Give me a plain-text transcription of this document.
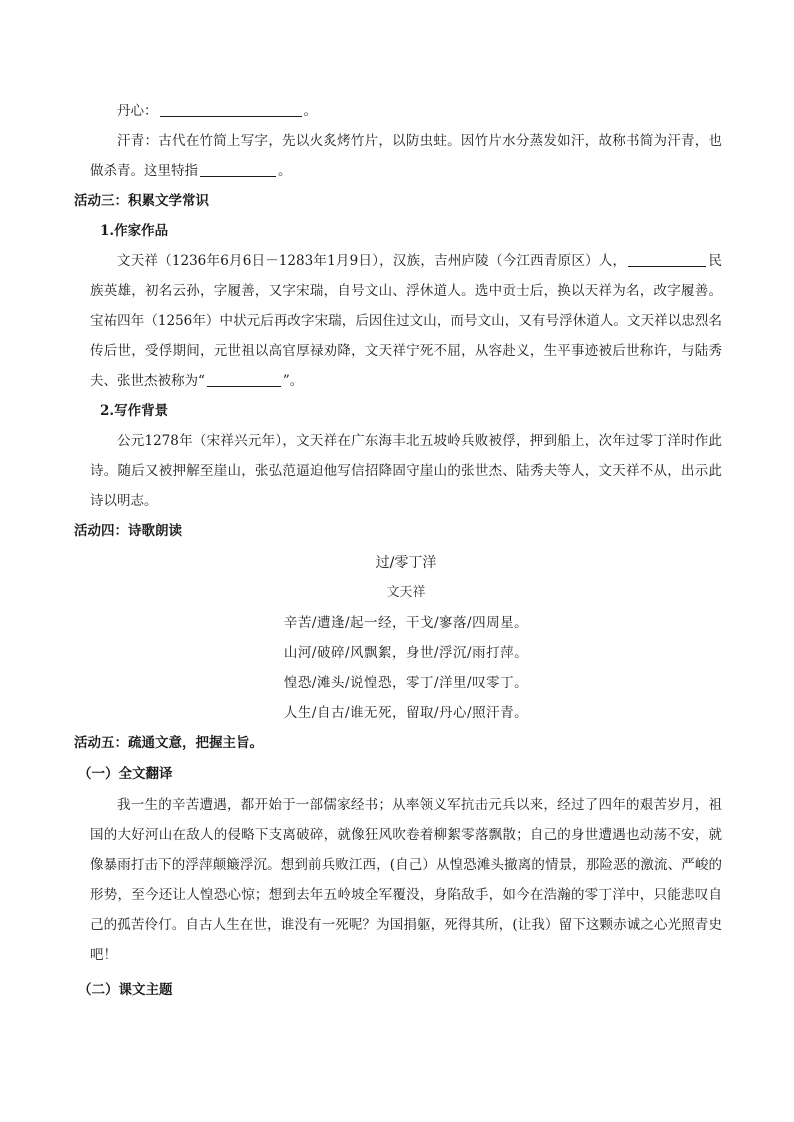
丹心：	。

汗青：古代在竹简上写字，先以火炙烤竹片，以防虫蛀。因竹片水分蒸发如汗，故称书简为汗青，也做杀青。这里特指	。

活动三：积累文学常识

1.作家作品

文天祥（1236年6月6日－1283年1月9日），汉族，吉州庐陵（今江西青原区）人，	民族英雄，初名云孙，字履善，又字宋瑞，自号文山、浮休道人。选中贡士后，换以天祥为名，改字履善。宝祐四年（1256年）中状元后再改字宋瑞，后因住过文山，而号文山，又有号浮休道人。文天祥以忠烈名传后世，受俘期间，元世祖以高官厚禄劝降，文天祥宁死不屈，从容赴义，生平事迹被后世称许，与陆秀夫、张世杰被称为“	”。

2.写作背景

公元1278年（宋祥兴元年），文天祥在广东海丰北五坡岭兵败被俘，押到船上，次年过零丁洋时作此诗。随后又被押解至崖山，张弘范逼迫他写信招降固守崖山的张世杰、陆秀夫等人，文天祥不从，出示此诗以明志。

活动四：诗歌朗读

过/零丁洋

文天祥

辛苦/遭逢/起一经，干戈/寥落/四周星。

山河/破碎/风飘絮，身世/浮沉/雨打萍。

惶恐/滩头/说惶恐，零丁/洋里/叹零丁。

人生/自古/谁无死，留取/丹心/照汗青。

活动五：疏通文意，把握主旨。

（一）全文翻译

我一生的辛苦遭遇，都开始于一部儒家经书；从率领义军抗击元兵以来，经过了四年的艰苦岁月，祖国的大好河山在敌人的侵略下支离破碎，就像狂风吹卷着柳絮零落飘散；自己的身世遭遇也动荡不安，就像暴雨打击下的浮萍颠簸浮沉。想到前兵败江西，(自己）从惶恐滩头撤离的情景，那险恶的激流、严峻的形势，至今还让人惶恐心惊；想到去年五岭坡全军覆没，身陷敌手，如今在浩瀚的零丁洋中，只能悲叹自己的孤苦伶仃。自古人生在世，谁没有一死呢？为国捐躯，死得其所，(让我）留下这颗赤诚之心光照青史吧！

（二）课文主题
